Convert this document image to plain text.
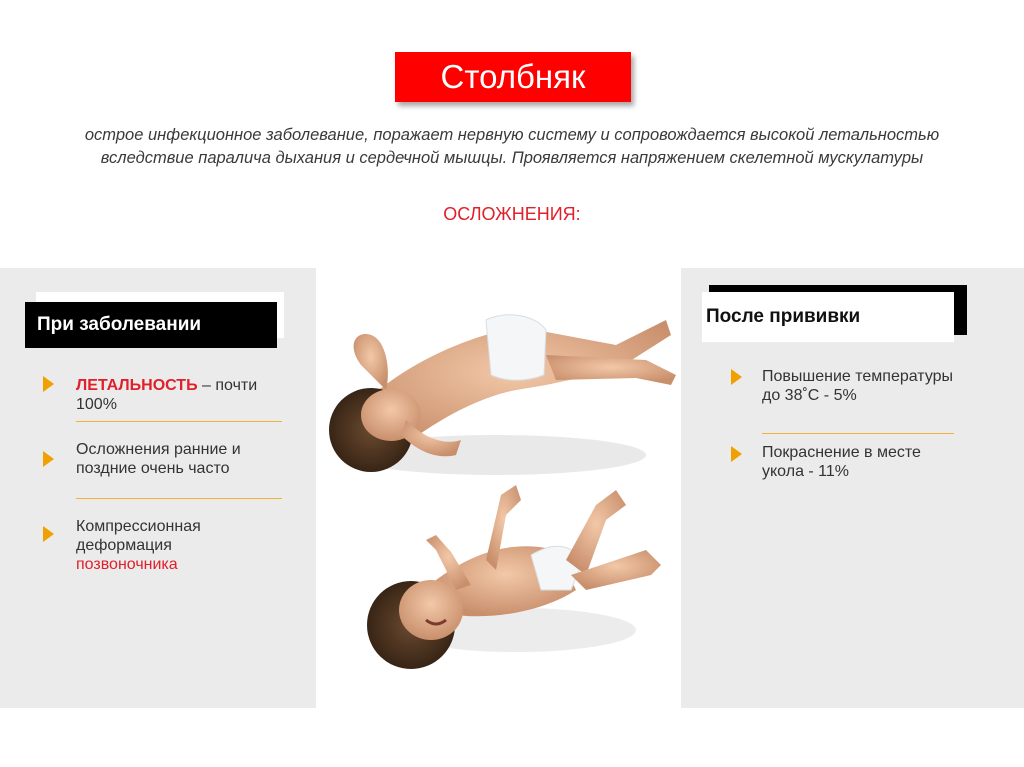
Столбняк
острое инфекционное заболевание, поражает нервную систему и сопровождается высокой летальностью
вследствие паралича дыхания и сердечной мышцы. Проявляется напряжением скелетной мускулатуры
ОСЛОЖНЕНИЯ:
При заболевании
ЛЕТАЛЬНОСТЬ – почти 100%
Осложнения ранние и поздние очень часто
Компрессионная деформация
позвоночника
После прививки
Повышение температуры до 38˚С - 5%
Покраснение в месте укола - 11%
